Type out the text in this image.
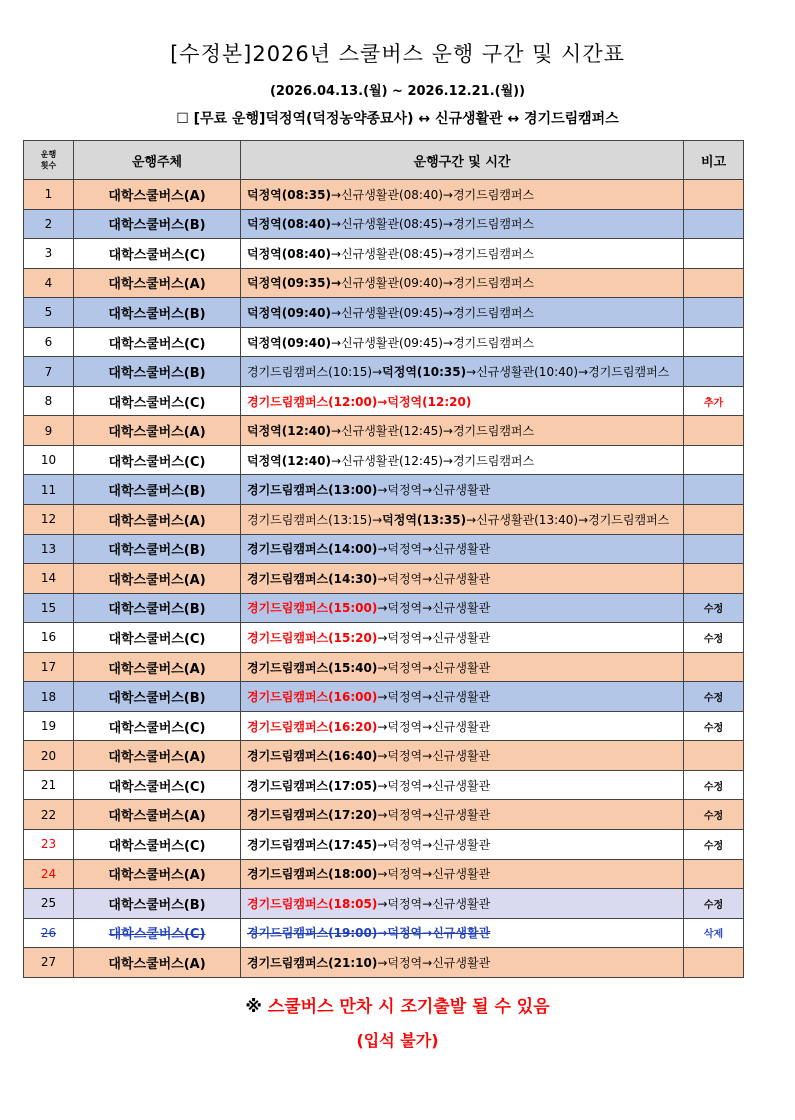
[수정본]2026년 스쿨버스 운행 구간 및 시간표
(2026.04.13.(월) ~ 2026.12.21.(월))
☐ [무료 운행]덕정역(덕정농약종묘사) ↔ 신규생활관 ↔ 경기드림캠퍼스
운행
횟수	운행주체	운행구간 및 시간	비고
1	대학스쿨버스(A)	덕정역(08:35)→신규생활관(08:40)→경기드림캠퍼스	
2	대학스쿨버스(B)	덕정역(08:40)→신규생활관(08:45)→경기드림캠퍼스	
3	대학스쿨버스(C)	덕정역(08:40)→신규생활관(08:45)→경기드림캠퍼스	
4	대학스쿨버스(A)	덕정역(09:35)→신규생활관(09:40)→경기드림캠퍼스	
5	대학스쿨버스(B)	덕정역(09:40)→신규생활관(09:45)→경기드림캠퍼스	
6	대학스쿨버스(C)	덕정역(09:40)→신규생활관(09:45)→경기드림캠퍼스	
7	대학스쿨버스(B)	경기드림캠퍼스(10:15)→덕정역(10:35)→신규생활관(10:40)→경기드림캠퍼스	
8	대학스쿨버스(C)	경기드림캠퍼스(12:00)→덕정역(12:20)	추가
9	대학스쿨버스(A)	덕정역(12:40)→신규생활관(12:45)→경기드림캠퍼스	
10	대학스쿨버스(C)	덕정역(12:40)→신규생활관(12:45)→경기드림캠퍼스	
11	대학스쿨버스(B)	경기드림캠퍼스(13:00)→덕정역→신규생활관	
12	대학스쿨버스(A)	경기드림캠퍼스(13:15)→덕정역(13:35)→신규생활관(13:40)→경기드림캠퍼스	
13	대학스쿨버스(B)	경기드림캠퍼스(14:00)→덕정역→신규생활관	
14	대학스쿨버스(A)	경기드림캠퍼스(14:30)→덕정역→신규생활관	
15	대학스쿨버스(B)	경기드림캠퍼스(15:00)→덕정역→신규생활관	수정
16	대학스쿨버스(C)	경기드림캠퍼스(15:20)→덕정역→신규생활관	수정
17	대학스쿨버스(A)	경기드림캠퍼스(15:40)→덕정역→신규생활관	
18	대학스쿨버스(B)	경기드림캠퍼스(16:00)→덕정역→신규생활관	수정
19	대학스쿨버스(C)	경기드림캠퍼스(16:20)→덕정역→신규생활관	수정
20	대학스쿨버스(A)	경기드림캠퍼스(16:40)→덕정역→신규생활관	
21	대학스쿨버스(C)	경기드림캠퍼스(17:05)→덕정역→신규생활관	수정
22	대학스쿨버스(A)	경기드림캠퍼스(17:20)→덕정역→신규생활관	수정
23	대학스쿨버스(C)	경기드림캠퍼스(17:45)→덕정역→신규생활관	수정
24	대학스쿨버스(A)	경기드림캠퍼스(18:00)→덕정역→신규생활관	
25	대학스쿨버스(B)	경기드림캠퍼스(18:05)→덕정역→신규생활관	수정
26	대학스쿨버스(C)	경기드림캠퍼스(19:00)→덕정역→신규생활관	삭제
27	대학스쿨버스(A)	경기드림캠퍼스(21:10)→덕정역→신규생활관	
※ 스쿨버스 만차 시 조기출발 될 수 있음
(입석 불가)
